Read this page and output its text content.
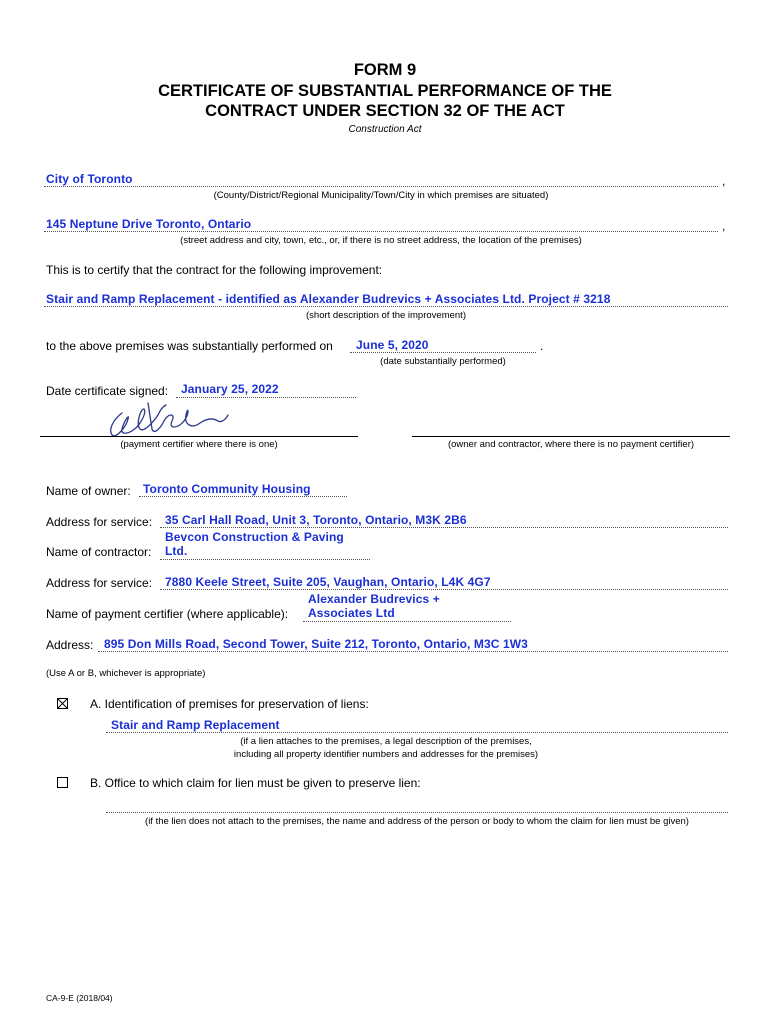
FORM 9
CERTIFICATE OF SUBSTANTIAL PERFORMANCE OF THE
CONTRACT UNDER SECTION 32 OF THE ACT
Construction Act
City of Toronto	,
(County/District/Regional Municipality/Town/City in which premises are situated)
145 Neptune Drive Toronto, Ontario	,
(street address and city, town, etc., or, if there is no street address, the location of the premises)
This is to certify that the contract for the following improvement:
Stair and Ramp Replacement - identified as Alexander Budrevics + Associates Ltd. Project # 3218
(short description of the improvement)
to the above premises was substantially performed on June 5, 2020	.
(date substantially performed)
Date certificate signed: January 25, 2022
(payment certifier where there is one)	(owner and contractor, where there is no payment certifier)
Name of owner: Toronto Community Housing
Address for service: 35 Carl Hall Road, Unit 3, Toronto, Ontario, M3K 2B6
Bevcon Construction & Paving
Name of contractor: Ltd.
Address for service: 7880 Keele Street, Suite 205, Vaughan, Ontario, L4K 4G7
Alexander Budrevics +
Name of payment certifier (where applicable): Associates Ltd
Address: 895 Don Mills Road, Second Tower, Suite 212, Toronto, Ontario, M3C 1W3
(Use A or B, whichever is appropriate)
A. Identification of premises for preservation of liens:
Stair and Ramp Replacement
(if a lien attaches to the premises, a legal description of the premises,
including all property identifier numbers and addresses for the premises)
B. Office to which claim for lien must be given to preserve lien:
(if the lien does not attach to the premises, the name and address of the person or body to whom the claim for lien must be given)
CA-9-E (2018/04)
